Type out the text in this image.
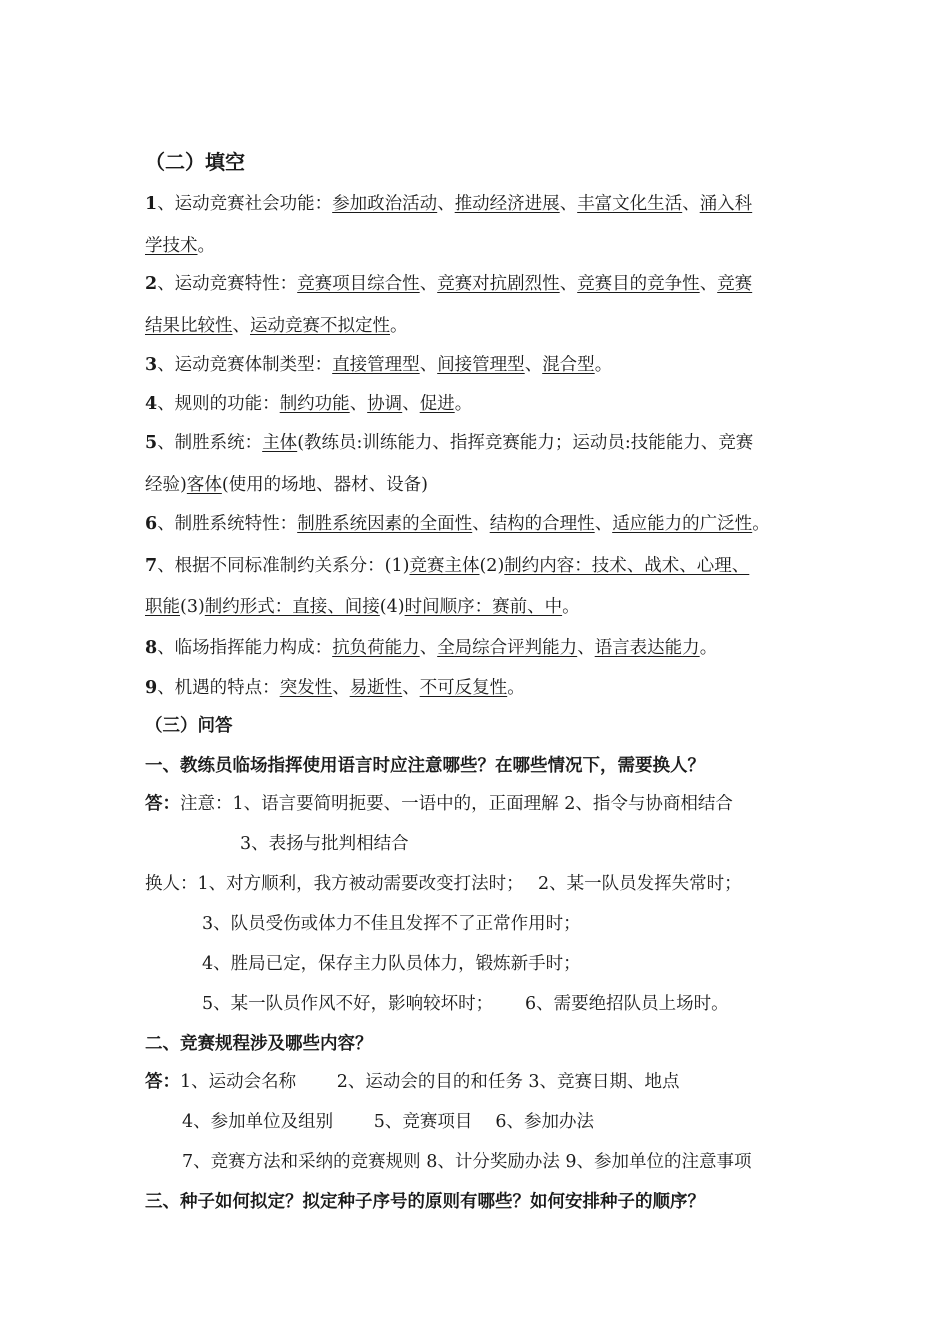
（二）填空
1、运动竞赛社会功能：参加政治活动、推动经济进展、丰富文化生活、涌入科
学技术。
2、运动竞赛特性：竞赛项目综合性、竞赛对抗剧烈性、竞赛目的竞争性、竞赛
结果比较性、运动竞赛不拟定性。
3、运动竞赛体制类型：直接管理型、间接管理型、混合型。
4、规则的功能：制约功能、协调、促进。
5、制胜系统：主体(教练员:训练能力、指挥竞赛能力；运动员:技能能力、竞赛
经验)客体(使用的场地、器材、设备)
6、制胜系统特性：制胜系统因素的全面性、结构的合理性、适应能力的广泛性。
7、根据不同标准制约关系分：(1)竞赛主体(2)制约内容：技术、战术、心理、
职能(3)制约形式：直接、间接(4)时间顺序：赛前、中。
8、临场指挥能力构成：抗负荷能力、全局综合评判能力、语言表达能力。
9、机遇的特点：突发性、易逝性、不可反复性。
（三）问答
一、教练员临场指挥使用语言时应注意哪些？在哪些情况下，需要换人？
答：注意：1、语言要简明扼要、一语中的，正面理解 2、指令与协商相结合
3、表扬与批判相结合
换人：1、对方顺利，我方被动需要改变打法时；　 2、某一队员发挥失常时；
3、队员受伤或体力不佳且发挥不了正常作用时；
4、胜局已定，保存主力队员体力，锻炼新手时；
5、某一队员作风不好，影响较坏时；　　 6、需要绝招队员上场时。
二、竞赛规程涉及哪些内容？
答：1、运动会名称　　 2、运动会的目的和任务 3、竞赛日期、地点
4、参加单位及组别　　 5、竞赛项目　 6、参加办法
7、竞赛方法和采纳的竞赛规则 8、计分奖励办法 9、参加单位的注意事项
三、种子如何拟定？拟定种子序号的原则有哪些？如何安排种子的顺序？
